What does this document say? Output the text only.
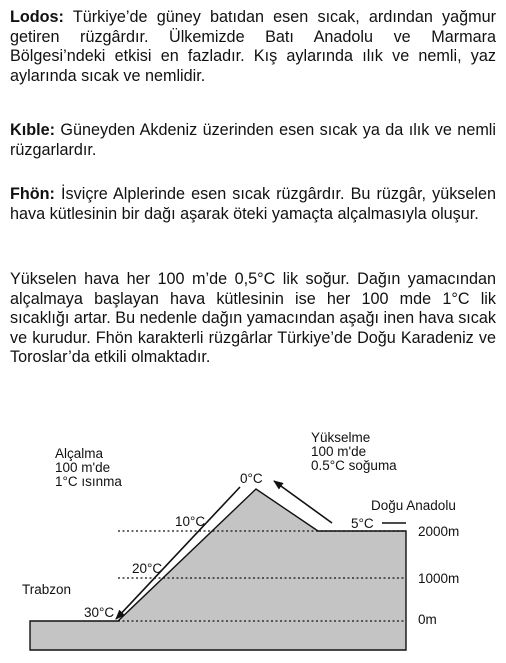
Lodos: Türkiye’de güney batıdan esen sıcak, ardından yağmur getiren rüzgârdır. Ülkemizde Batı Anadolu ve Marmara Bölgesi’ndeki etkisi en fazladır. Kış aylarında ılık ve nemli, yaz aylarında sıcak ve nemlidir.

Kıble: Güneyden Akdeniz üzerinden esen sıcak ya da ılık ve nemli rüzgarlardır.

Fhön: İsviçre Alplerinde esen sıcak rüzgârdır. Bu rüzgâr, yükselen hava kütlesinin bir dağı aşarak öteki yamaçta alçalmasıyla oluşur.

Yükselen hava her 100 m’de 0,5°C lik soğur. Dağın yamacından alçalmaya başlayan hava kütlesinin ise her 100 mde 1°C lik sıcaklığı artar. Bu nedenle dağın yamacından aşağı inen hava sıcak ve kurudur. Fhön karakterli rüzgârlar Türkiye’de Doğu Karadeniz ve Toroslar’da etkili olmaktadır.

Alçalma
100 m'de
1°C ısınma
Yükselme
100 m'de
0.5°C soğuma
0°C
10°C
20°C
30°C
5°C
Trabzon
Doğu Anadolu
2000m
1000m
0m
